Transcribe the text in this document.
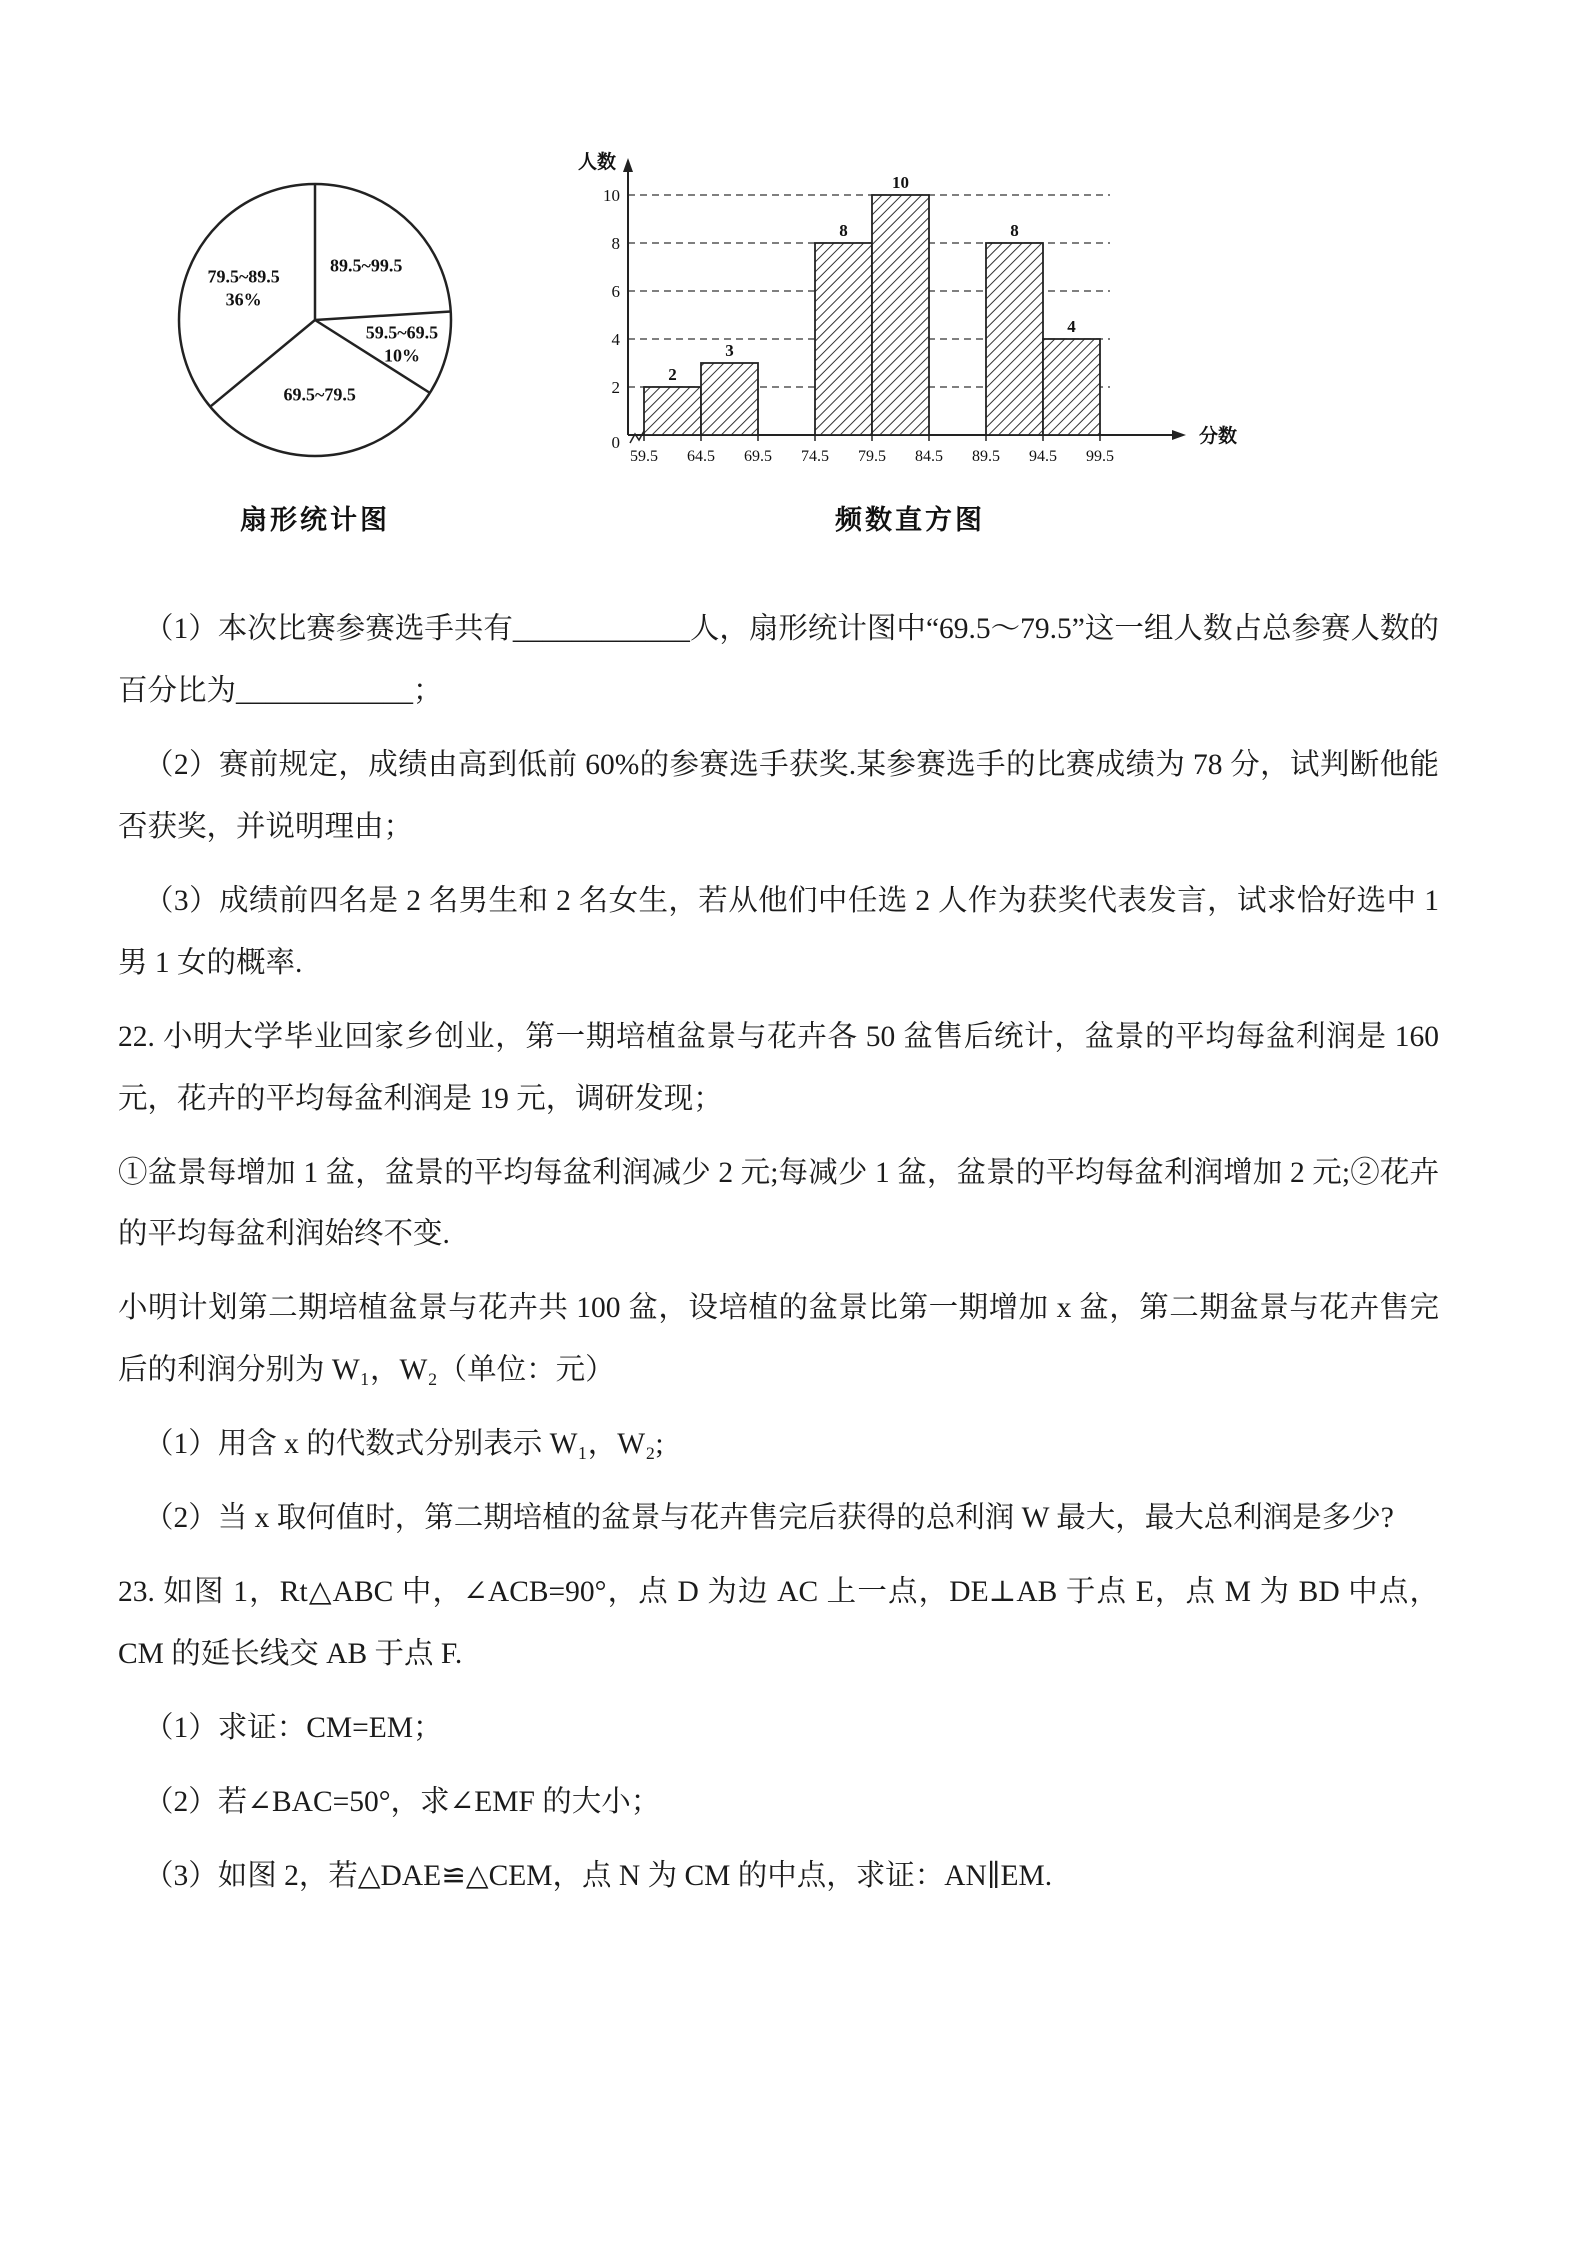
89.5~99.5
59.5~69.5
10%
69.5~79.5
79.5~89.5
36%
扇形统计图
2
4
6
8
10
0
人数
分数
59.5 64.5 69.5 74.5 79.5 84.5 89.5 94.5 99.5
2
3
8
10
8
4
频数直方图

（1）本次比赛参赛选手共有____________人，扇形统计图中“69.5～79.5”这一组人数占总参赛人数的百分比为____________；

（2）赛前规定，成绩由高到低前 60%的参赛选手获奖.某参赛选手的比赛成绩为 78 分，试判断他能否获奖，并说明理由；

（3）成绩前四名是 2 名男生和 2 名女生，若从他们中任选 2 人作为获奖代表发言，试求恰好选中 1 男 1 女的概率.

22. 小明大学毕业回家乡创业，第一期培植盆景与花卉各 50 盆售后统计，盆景的平均每盆利润是 160 元，花卉的平均每盆利润是 19 元，调研发现；

①盆景每增加 1 盆，盆景的平均每盆利润减少 2 元;每减少 1 盆，盆景的平均每盆利润增加 2 元;②花卉的平均每盆利润始终不变.

小明计划第二期培植盆景与花卉共 100 盆，设培植的盆景比第一期增加 x 盆，第二期盆景与花卉售完后的利润分别为 W₁，W₂（单位：元）

（1）用含 x 的代数式分别表示 W₁，W₂;

（2）当 x 取何值时，第二期培植的盆景与花卉售完后获得的总利润 W 最大，最大总利润是多少?

23. 如图 1，Rt△ABC 中，∠ACB=90°，点 D 为边 AC 上一点，DE⊥AB 于点 E，点 M 为 BD 中点，CM 的延长线交 AB 于点 F.

（1）求证：CM=EM；

（2）若∠BAC=50°，求∠EMF 的大小；

（3）如图 2，若△DAE≌△CEM，点 N 为 CM 的中点，求证：AN∥EM.
